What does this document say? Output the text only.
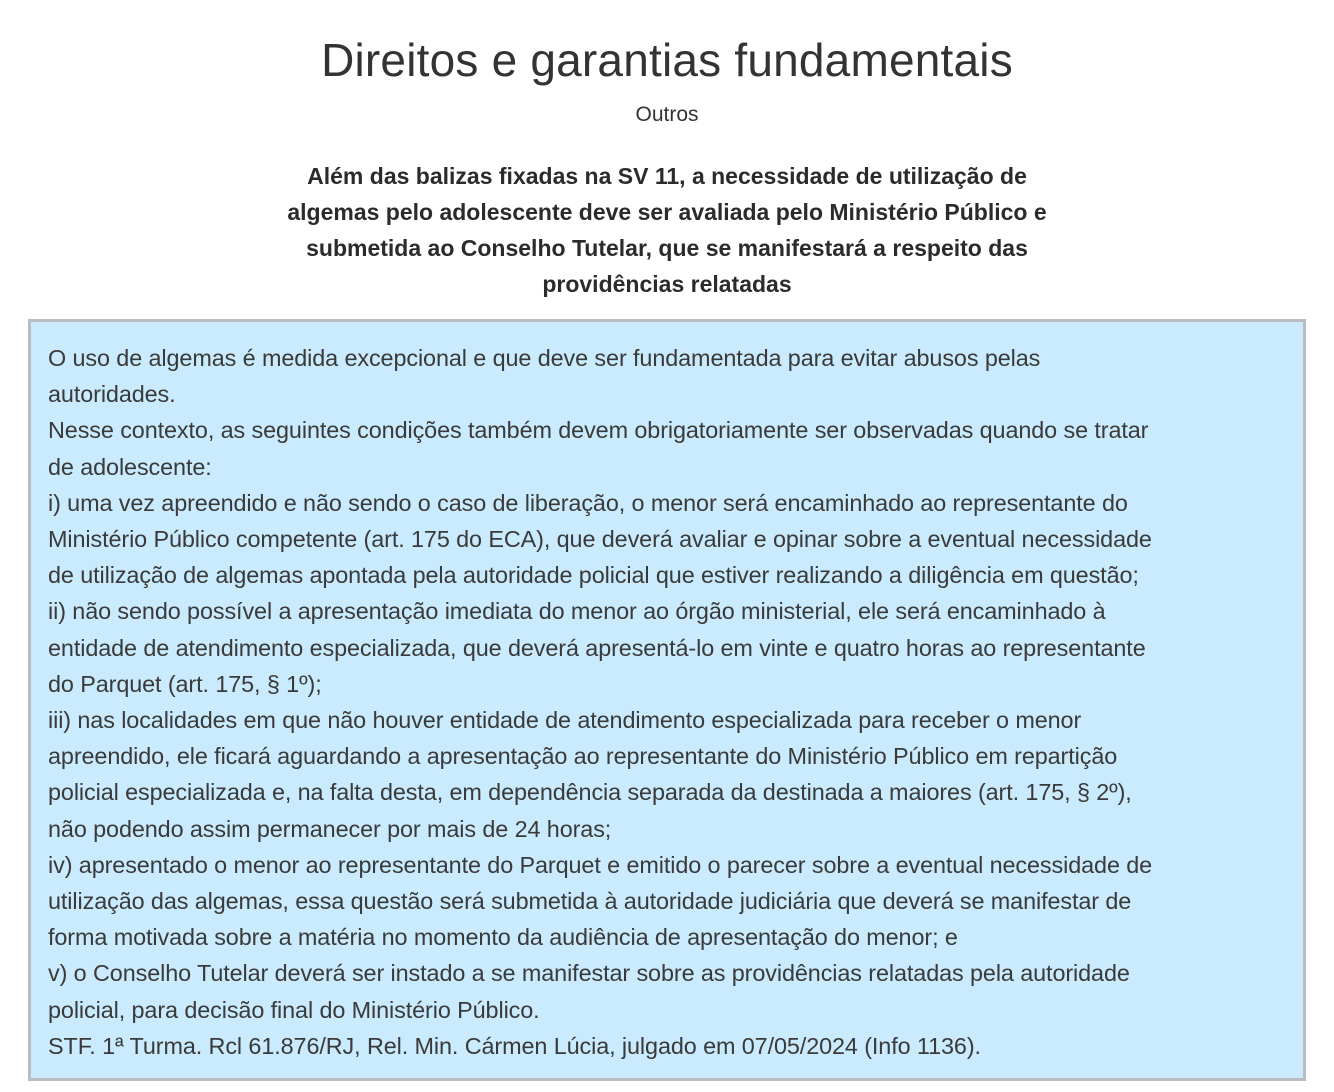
Direitos e garantias fundamentais
Outros

Além das balizas fixadas na SV 11, a necessidade de utilização de
algemas pelo adolescente deve ser avaliada pelo Ministério Público e
submetida ao Conselho Tutelar, que se manifestará a respeito das
providências relatadas

O uso de algemas é medida excepcional e que deve ser fundamentada para evitar abusos pelas

autoridades.

Nesse contexto, as seguintes condições também devem obrigatoriamente ser observadas quando se tratar

de adolescente:

i) uma vez apreendido e não sendo o caso de liberação, o menor será encaminhado ao representante do

Ministério Público competente (art. 175 do ECA), que deverá avaliar e opinar sobre a eventual necessidade

de utilização de algemas apontada pela autoridade policial que estiver realizando a diligência em questão;

ii) não sendo possível a apresentação imediata do menor ao órgão ministerial, ele será encaminhado à

entidade de atendimento especializada, que deverá apresentá-lo em vinte e quatro horas ao representante

do Parquet (art. 175, § 1º);

iii) nas localidades em que não houver entidade de atendimento especializada para receber o menor

apreendido, ele ficará aguardando a apresentação ao representante do Ministério Público em repartição

policial especializada e, na falta desta, em dependência separada da destinada a maiores (art. 175, § 2º),

não podendo assim permanecer por mais de 24 horas;

iv) apresentado o menor ao representante do Parquet e emitido o parecer sobre a eventual necessidade de

utilização das algemas, essa questão será submetida à autoridade judiciária que deverá se manifestar de

forma motivada sobre a matéria no momento da audiência de apresentação do menor; e

v) o Conselho Tutelar deverá ser instado a se manifestar sobre as providências relatadas pela autoridade

policial, para decisão final do Ministério Público.

STF. 1ª Turma. Rcl 61.876/RJ, Rel. Min. Cármen Lúcia, julgado em 07/05/2024 (Info 1136).
